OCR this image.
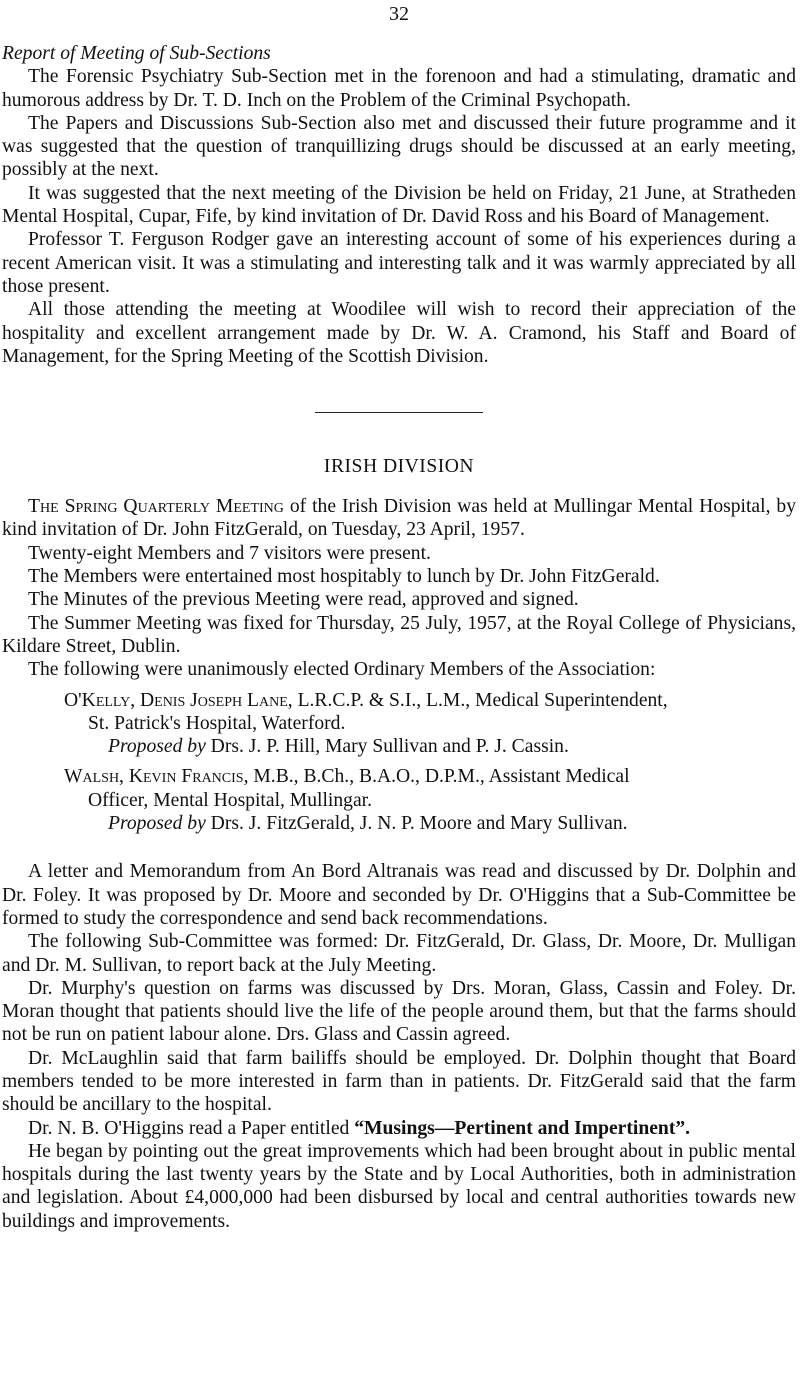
32

Report of Meeting of Sub-Sections

The Forensic Psychiatry Sub-Section met in the forenoon and had a stimulating, dramatic and humorous address by Dr. T. D. Inch on the Problem of the Criminal Psychopath.

The Papers and Discussions Sub-Section also met and discussed their future programme and it was suggested that the question of tranquillizing drugs should be discussed at an early meeting, possibly at the next.

It was suggested that the next meeting of the Division be held on Friday, 21 June, at Stratheden Mental Hospital, Cupar, Fife, by kind invitation of Dr. David Ross and his Board of Management.

Professor T. Ferguson Rodger gave an interesting account of some of his experiences during a recent American visit. It was a stimulating and interesting talk and it was warmly appreciated by all those present.

All those attending the meeting at Woodilee will wish to record their appreciation of the hospitality and excellent arrangement made by Dr. W. A. Cramond, his Staff and Board of Management, for the Spring Meeting of the Scottish Division.

IRISH DIVISION

The Spring Quarterly Meeting of the Irish Division was held at Mullingar Mental Hospital, by kind invitation of Dr. John FitzGerald, on Tuesday, 23 April, 1957.

Twenty-eight Members and 7 visitors were present.

The Members were entertained most hospitably to lunch by Dr. John FitzGerald.

The Minutes of the previous Meeting were read, approved and signed.

The Summer Meeting was fixed for Thursday, 25 July, 1957, at the Royal College of Physicians, Kildare Street, Dublin.

The following were unanimously elected Ordinary Members of the Association:

O'Kelly, Denis Joseph Lane, L.R.C.P. & S.I., L.M., Medical Superintendent,

St. Patrick's Hospital, Waterford.

Proposed by Drs. J. P. Hill, Mary Sullivan and P. J. Cassin.

Walsh, Kevin Francis, M.B., B.Ch., B.A.O., D.P.M., Assistant Medical

Officer, Mental Hospital, Mullingar.

Proposed by Drs. J. FitzGerald, J. N. P. Moore and Mary Sullivan.

A letter and Memorandum from An Bord Altranais was read and discussed by Dr. Dolphin and Dr. Foley. It was proposed by Dr. Moore and seconded by Dr. O'Higgins that a Sub-Committee be formed to study the correspondence and send back recommendations.

The following Sub-Committee was formed: Dr. FitzGerald, Dr. Glass, Dr. Moore, Dr. Mulligan and Dr. M. Sullivan, to report back at the July Meeting.

Dr. Murphy's question on farms was discussed by Drs. Moran, Glass, Cassin and Foley. Dr. Moran thought that patients should live the life of the people around them, but that the farms should not be run on patient labour alone. Drs. Glass and Cassin agreed.

Dr. McLaughlin said that farm bailiffs should be employed. Dr. Dolphin thought that Board members tended to be more interested in farm than in patients. Dr. FitzGerald said that the farm should be ancillary to the hospital.

Dr. N. B. O'Higgins read a Paper entitled “Musings—Pertinent and Impertinent”.

He began by pointing out the great improvements which had been brought about in public mental hospitals during the last twenty years by the State and by Local Authorities, both in administration and legislation. About £4,000,000 had been disbursed by local and central authorities towards new buildings and improvements.
